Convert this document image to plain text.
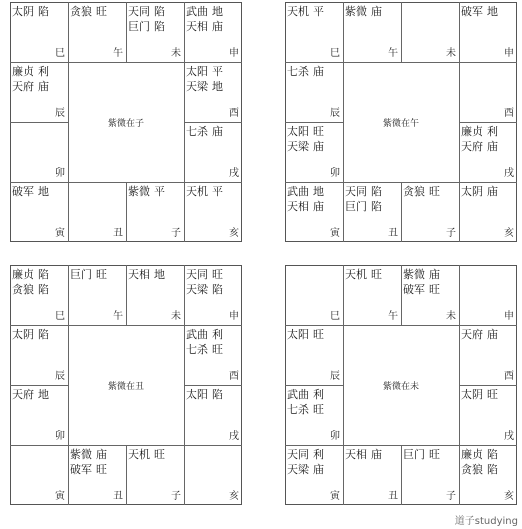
太阴 陷
巳
贪狼 旺
午
天同 陷
巨门 陷
未
武曲 地
天相 庙
申
廉贞 利
天府 庙
辰
太阳 平
天梁 地
酉
卯
七杀 庙
戌
破军 地
寅	丑
紫微 平
子
天机 平
亥
紫微在子
天机 平
巳
紫微 庙
午	未
破军 地
申
七杀 庙
辰	酉
太阳 旺
天梁 庙
卯
廉贞 利
天府 庙
戌
武曲 地
天相 庙
寅
天同 陷
巨门 陷
丑
贪狼 旺
子
太阴 庙
亥
紫微在午
廉贞 陷
贪狼 陷
巳
巨门 旺
午
天相 地
未
天同 旺
天梁 陷
申
太阴 陷
辰
武曲 利
七杀 旺
酉
天府 地
卯
太阳 陷
戌
寅
紫微 庙
破军 旺
丑
天机 旺
子	亥
紫微在丑
巳
天机 旺
午
紫微 庙
破军 旺
未	申
太阳 旺
辰
天府 庙
酉
武曲 利
七杀 旺
卯
太阴 旺
戌
天同 利
天梁 庙
寅
天相 庙
丑
巨门 旺
子
廉贞 陷
贪狼 陷
亥
紫微在未
道子studying
